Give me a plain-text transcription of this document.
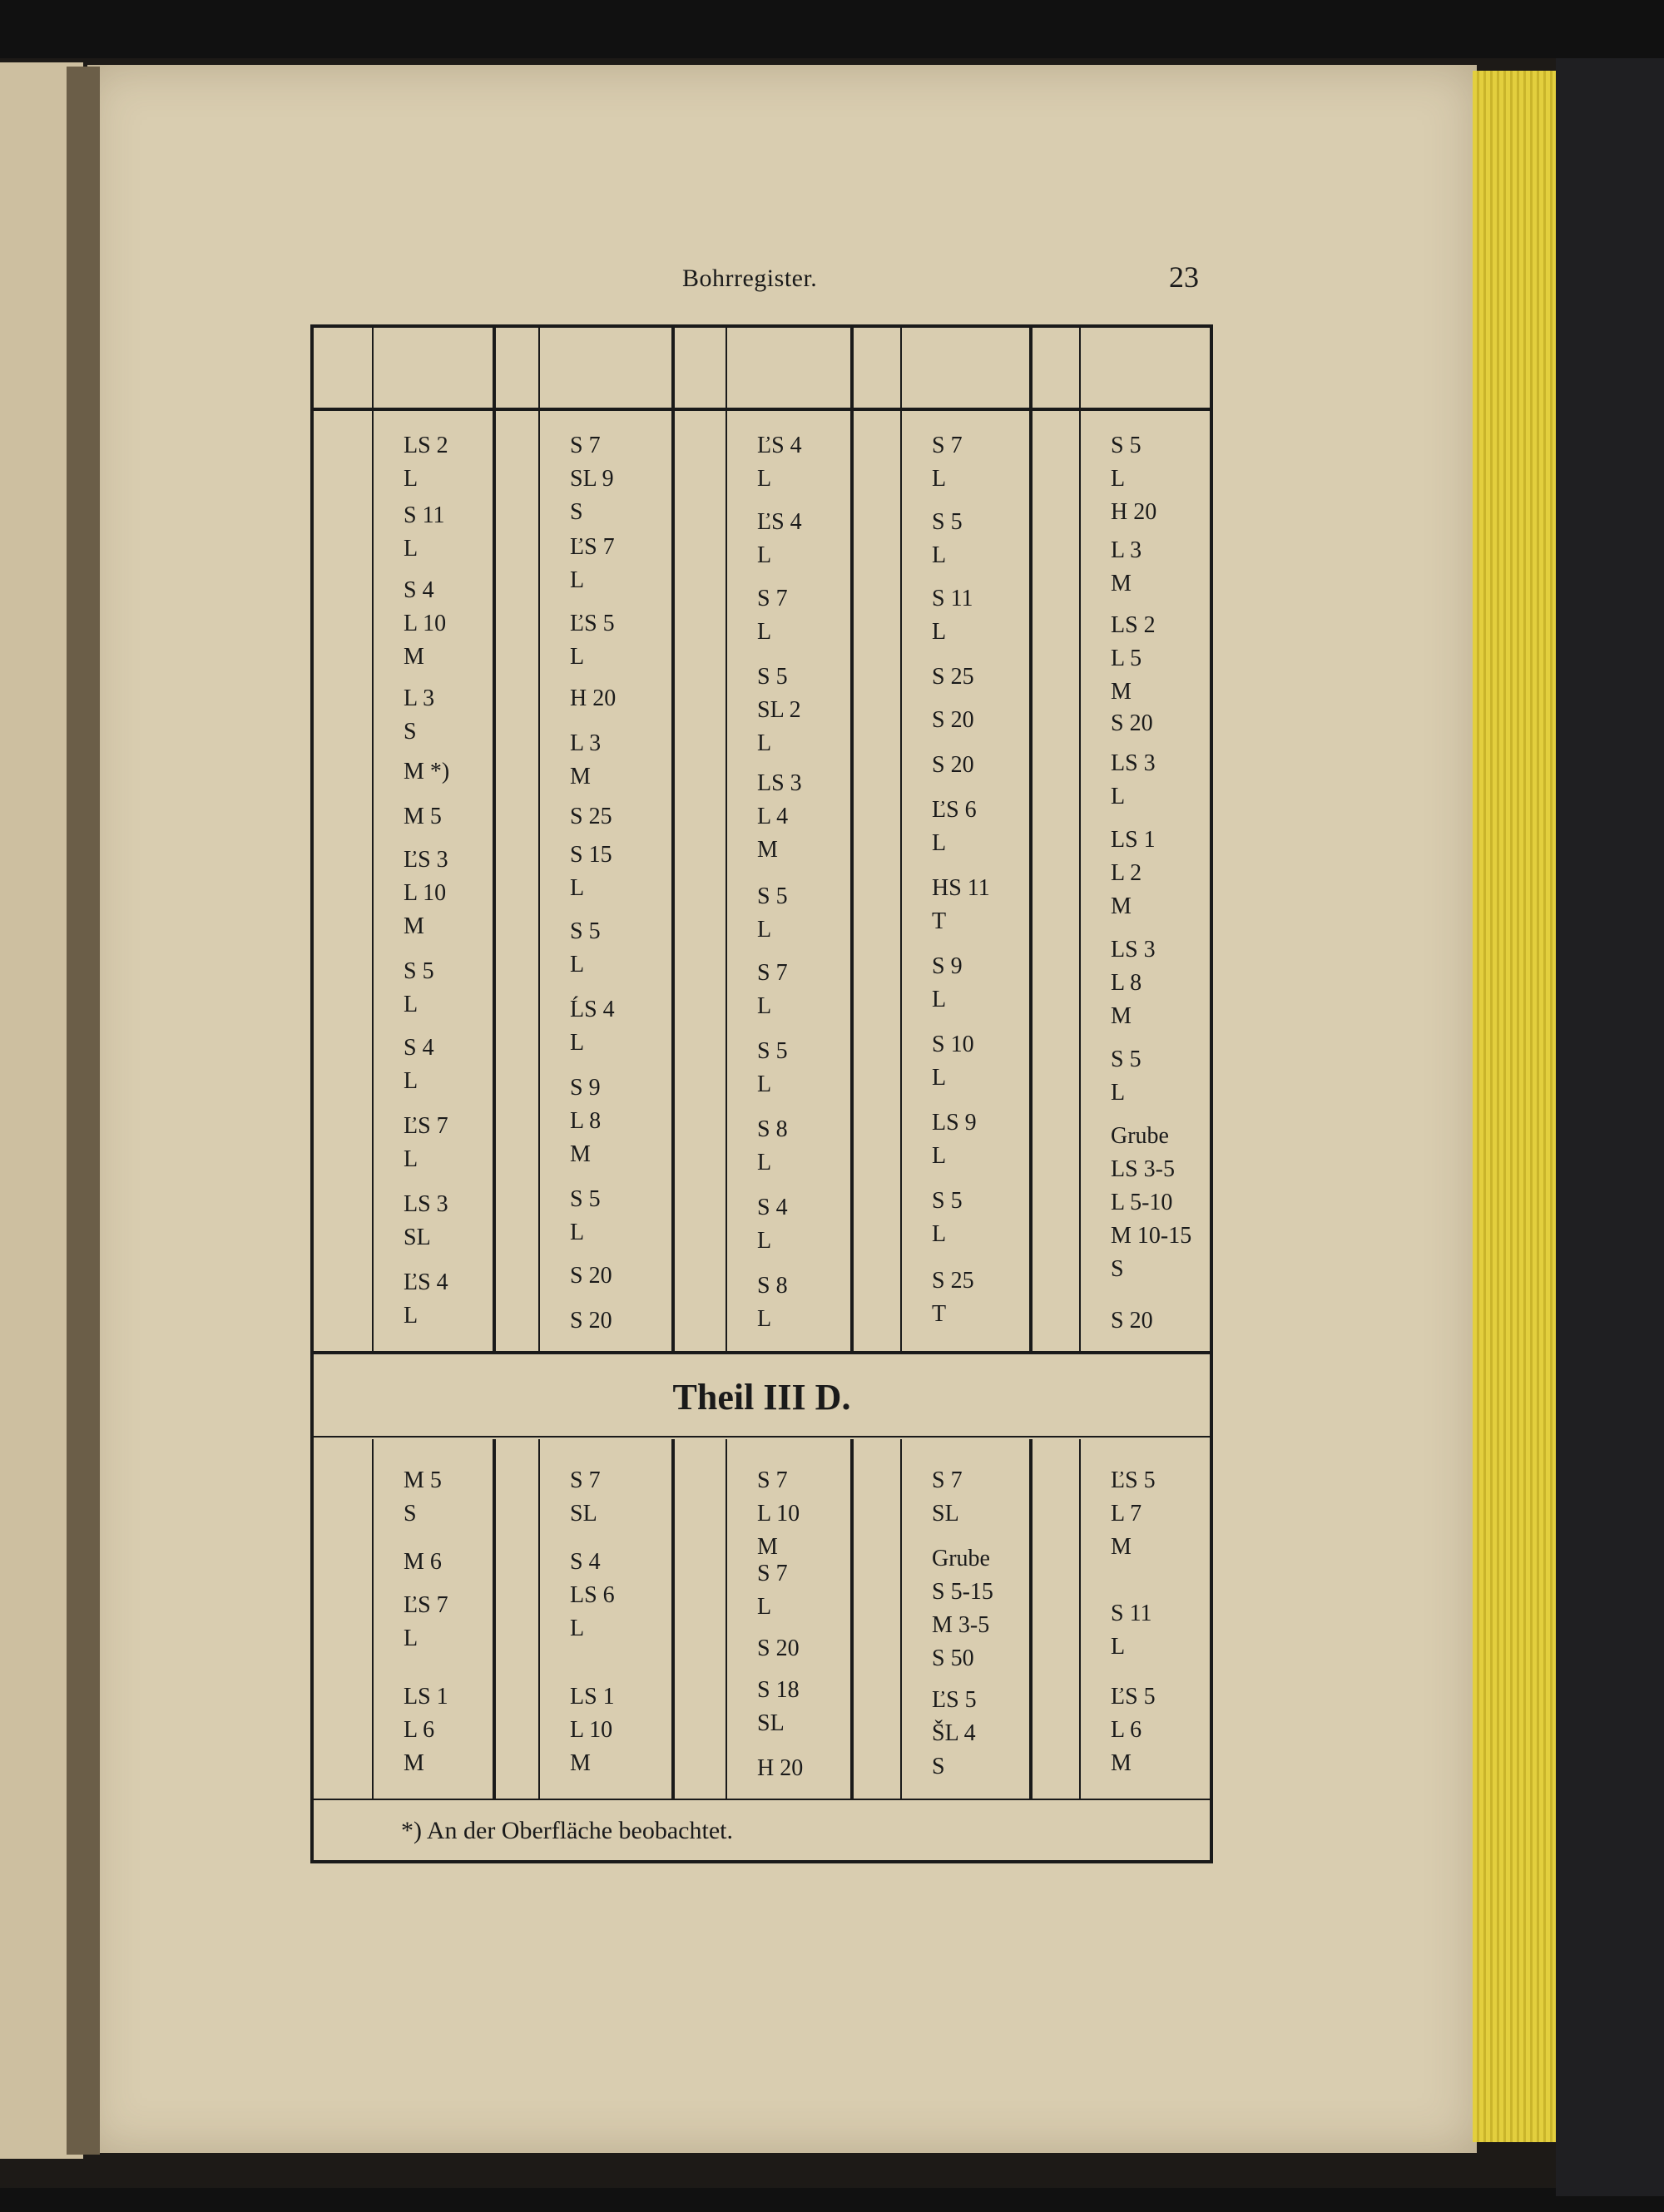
Bohrregister.	23
Theil III D.
*) An der Oberfläche beobachtet.
LS 2
L
S 11
L
S 4
L 10
M
L 3
S
M *)
M 5
ĽS 3
L 10
M
S 5
L
S 4
L
ĽS 7
L
LS 3
SL
ĽS 4
L
S 7
SL 9
S
ĽS 7
L
ĽS 5
L
H 20
L 3
M
S 25
S 15
L
S 5
L
ĹS 4
L
S 9
L 8
M
S 5
L
S 20
S 20
ĽS 4
L
ĽS 4
L
S 7
L
S 5
SL 2
L
LS 3
L 4
M
S 5
L
S 7
L
S 5
L
S 8
L
S 4
L
S 8
L
S 7
L
S 5
L
S 11
L
S 25
S 20
S 20
ĽS 6
L
HS 11
T
S 9
L
S 10
L
LS 9
L
S 5
L
S 25
T
S 5
L
H 20
L 3
M
LS 2
L 5
M
S 20
LS 3
L
LS 1
L 2
M
LS 3
L 8
M
S 5
L
Grube
LS 3-5
L 5-10
M 10-15
S
S 20
M 5
S
M 6
ĽS 7
L
LS 1
L 6
M
S 7
SL
S 4
LS 6
L
LS 1
L 10
M
S 7
L 10
M
S 7
L
S 20
S 18
SL
H 20
S 7
SL
Grube
S 5-15
M 3-5
S 50
ĽS 5
ŠL 4
S
ĽS 5
L 7
M
S 11
L
ĽS 5
L 6
M
